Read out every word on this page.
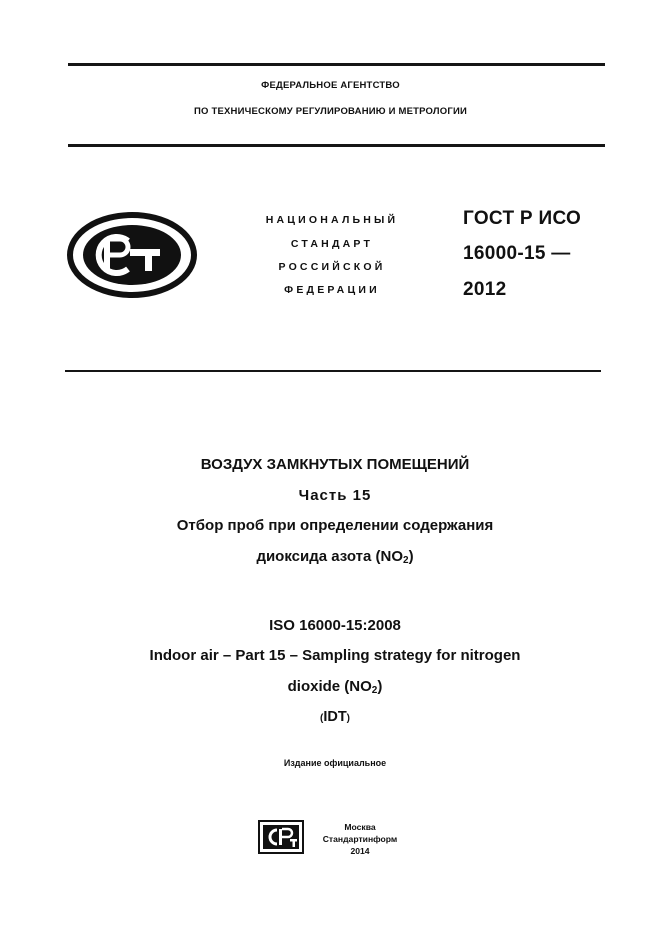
ФЕДЕРАЛЬНОЕ АГЕНТСТВО
ПО ТЕХНИЧЕСКОМУ РЕГУЛИРОВАНИЮ И МЕТРОЛОГИИ
НАЦИОНАЛЬНЫЙ
СТАНДАРТ
РОССИЙСКОЙ
ФЕДЕРАЦИИ
ГОСТ Р ИСО
16000-15 —
2012
ВОЗДУХ ЗАМКНУТЫХ ПОМЕЩЕНИЙ
Часть 15
Отбор проб при определении содержания
диоксида азота $(NO_2)$
ISO 16000-15:2008
Indoor air – Part 15 – Sampling strategy for nitrogen
dioxide $(NO_2)$
(IDT)
Издание официальное
Москва
Стандартинформ
2014
